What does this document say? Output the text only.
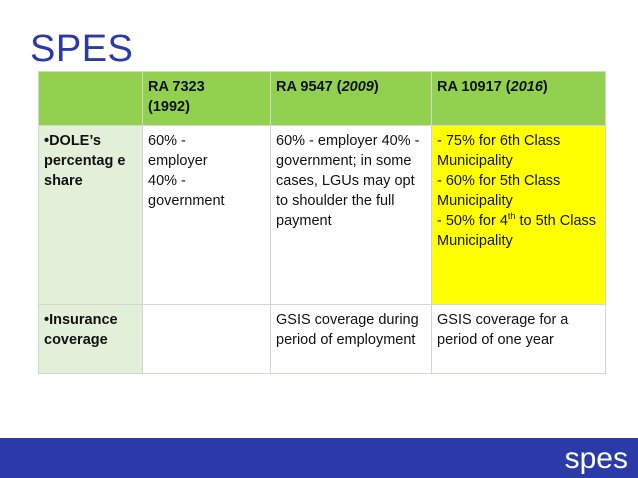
SPES
	RA 7323
(1992)	RA 9547 (2009)	RA 10917 (2016)
•DOLE’s percentag e share	60% -
employer
40% -
government	60% - employer 40% - government; in some cases, LGUs may opt to shoulder the full payment	- 75% for 6th Class Municipality
- 60% for 5th Class Municipality
- 50% for 4th to 5th Class Municipality
•Insurance coverage		GSIS coverage during period of employment	GSIS coverage for a period of one year
spes
